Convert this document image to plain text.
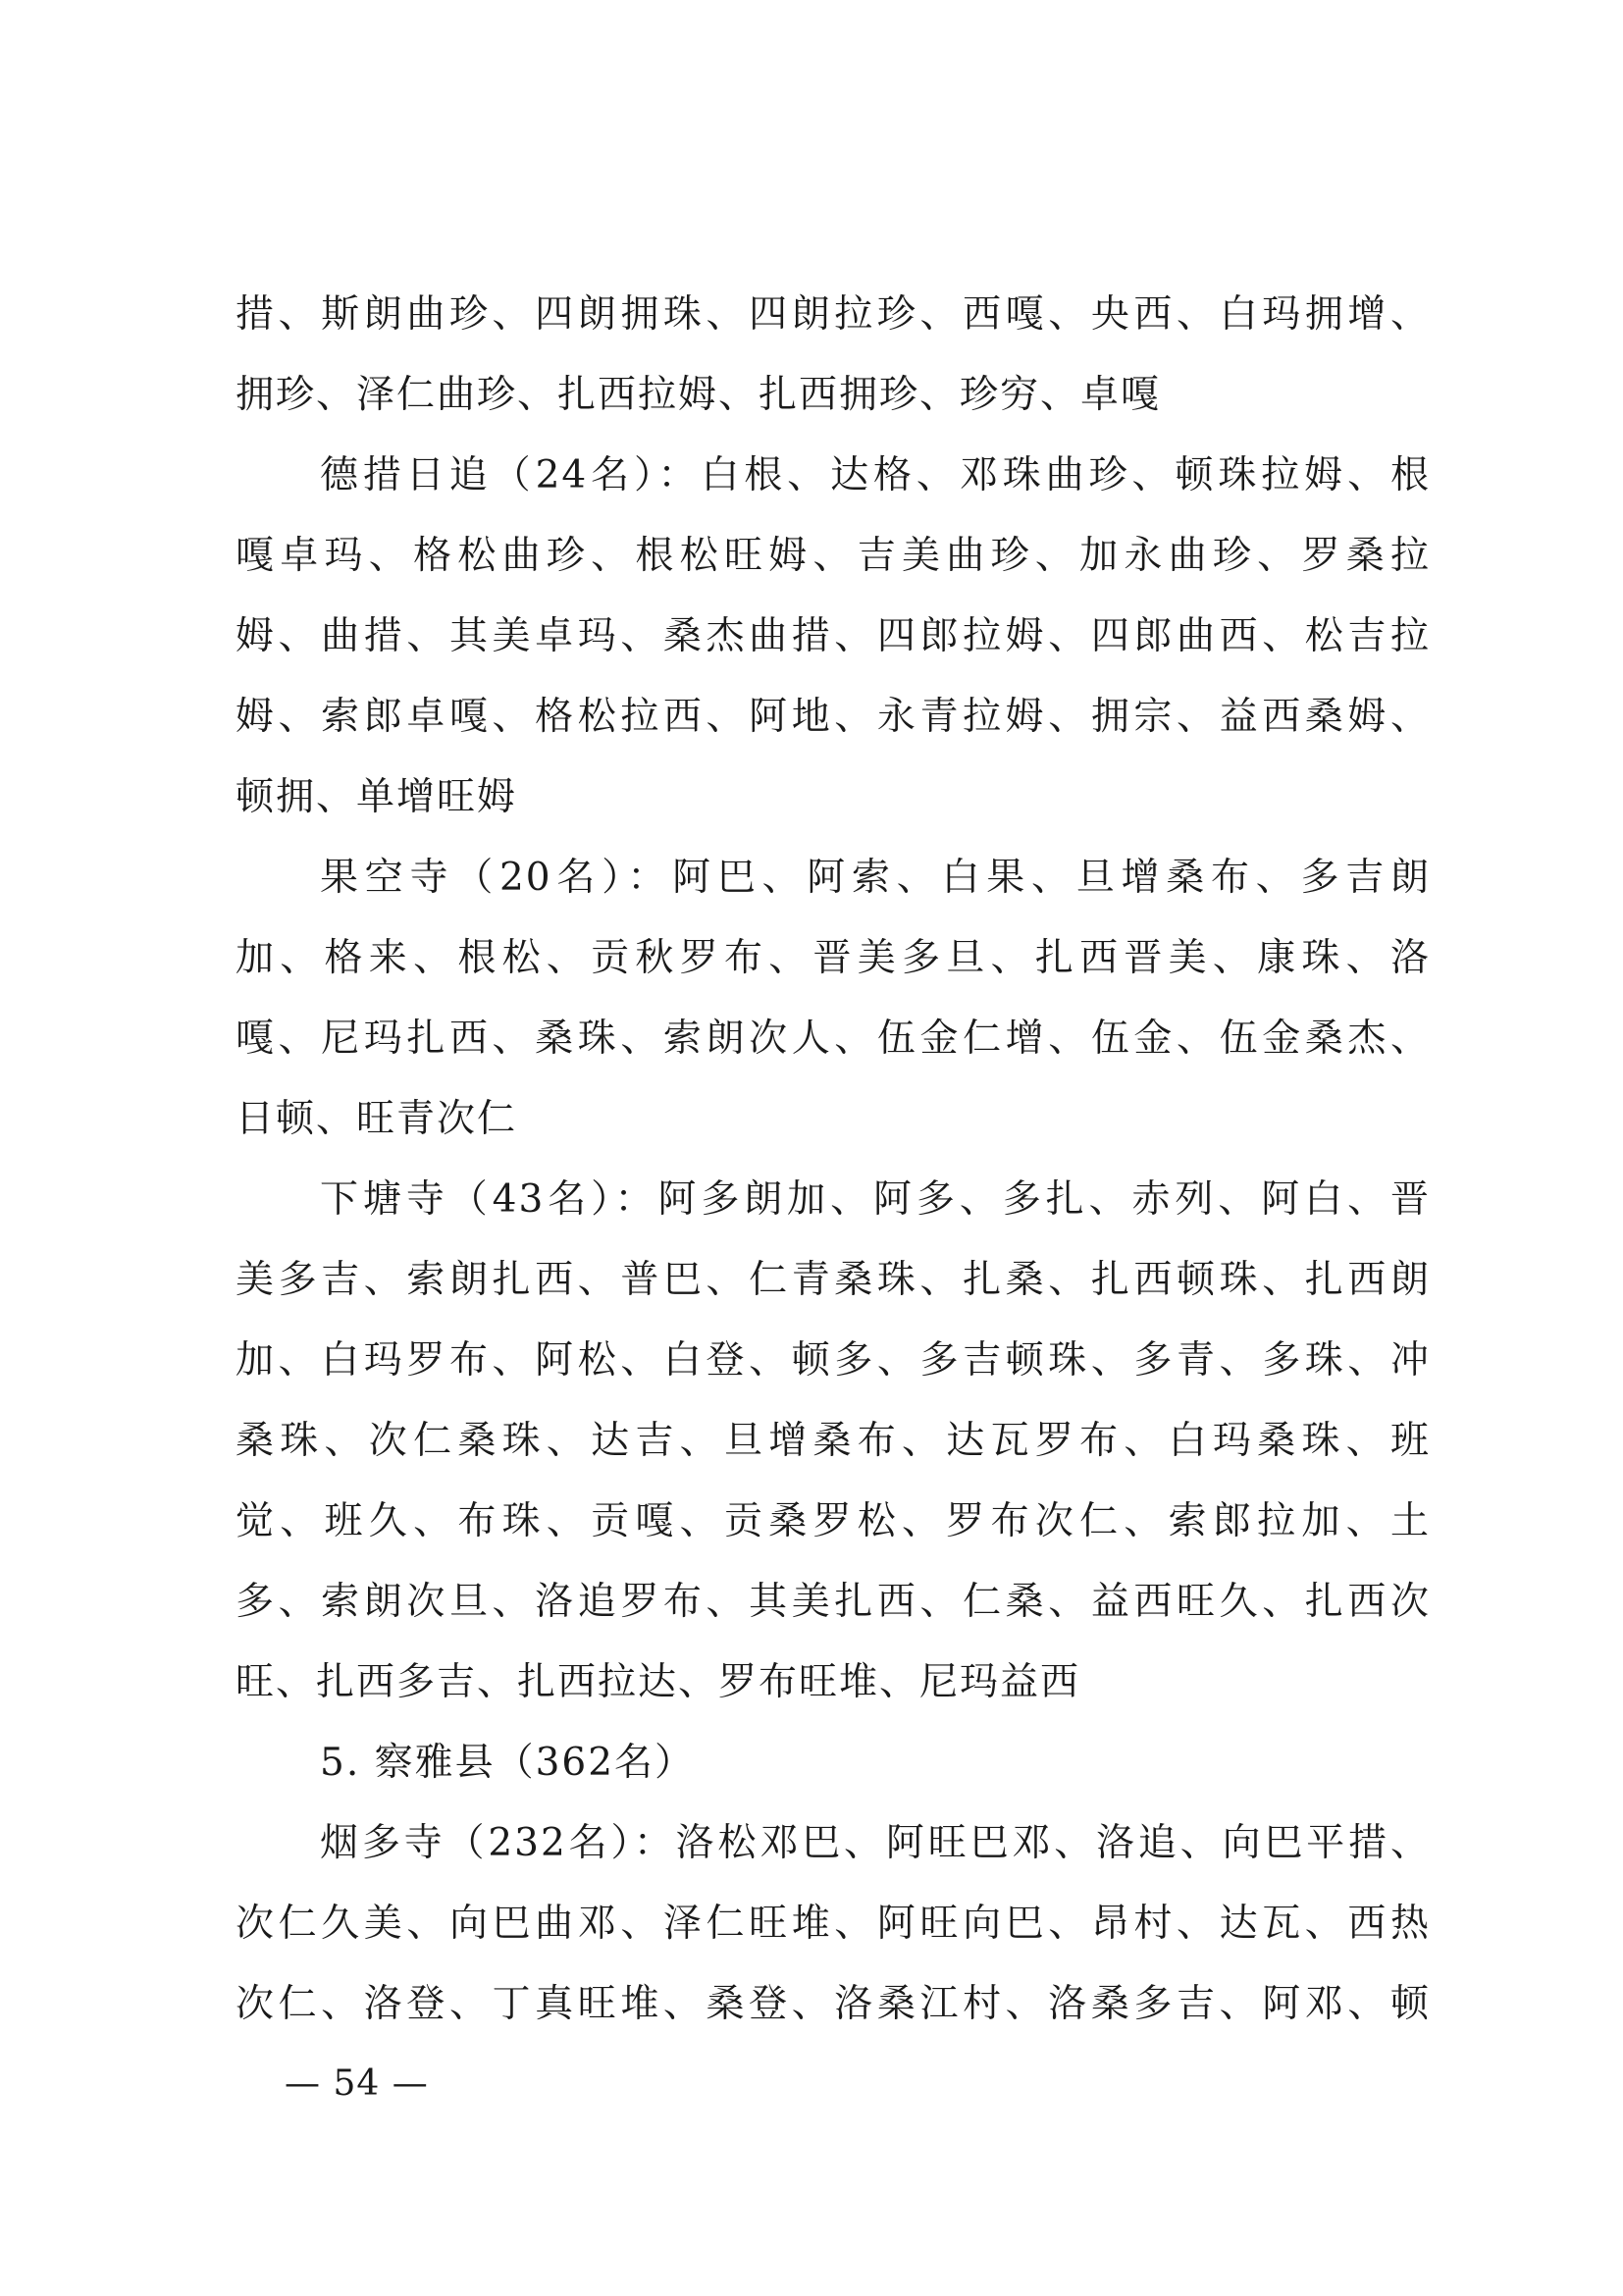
措、斯朗曲珍、四朗拥珠、四朗拉珍、西嘎、央西、白玛拥增、
拥珍、泽仁曲珍、扎西拉姆、扎西拥珍、珍穷、卓嘎
德措日追（24名）：白根、达格、邓珠曲珍、顿珠拉姆、根
嘎卓玛、格松曲珍、根松旺姆、吉美曲珍、加永曲珍、罗桑拉
姆、曲措、其美卓玛、桑杰曲措、四郎拉姆、四郎曲西、松吉拉
姆、索郎卓嘎、格松拉西、阿地、永青拉姆、拥宗、益西桑姆、
顿拥、单增旺姆
果空寺（20名）：阿巴、阿索、白果、旦增桑布、多吉朗
加、格来、根松、贡秋罗布、晋美多旦、扎西晋美、康珠、洛
嘎、尼玛扎西、桑珠、索朗次人、伍金仁增、伍金、伍金桑杰、
日顿、旺青次仁
下塘寺（43名）：阿多朗加、阿多、多扎、赤列、阿白、晋
美多吉、索朗扎西、普巴、仁青桑珠、扎桑、扎西顿珠、扎西朗
加、白玛罗布、阿松、白登、顿多、多吉顿珠、多青、多珠、冲
桑珠、次仁桑珠、达吉、旦增桑布、达瓦罗布、白玛桑珠、班
觉、班久、布珠、贡嘎、贡桑罗松、罗布次仁、索郎拉加、土
多、索朗次旦、洛追罗布、其美扎西、仁桑、益西旺久、扎西次
旺、扎西多吉、扎西拉达、罗布旺堆、尼玛益西
5. 察雅县（362名）
烟多寺（232名）：洛松邓巴、阿旺巴邓、洛追、向巴平措、
次仁久美、向巴曲邓、泽仁旺堆、阿旺向巴、昂村、达瓦、西热
次仁、洛登、丁真旺堆、桑登、洛桑江村、洛桑多吉、阿邓、顿
— 54 —
